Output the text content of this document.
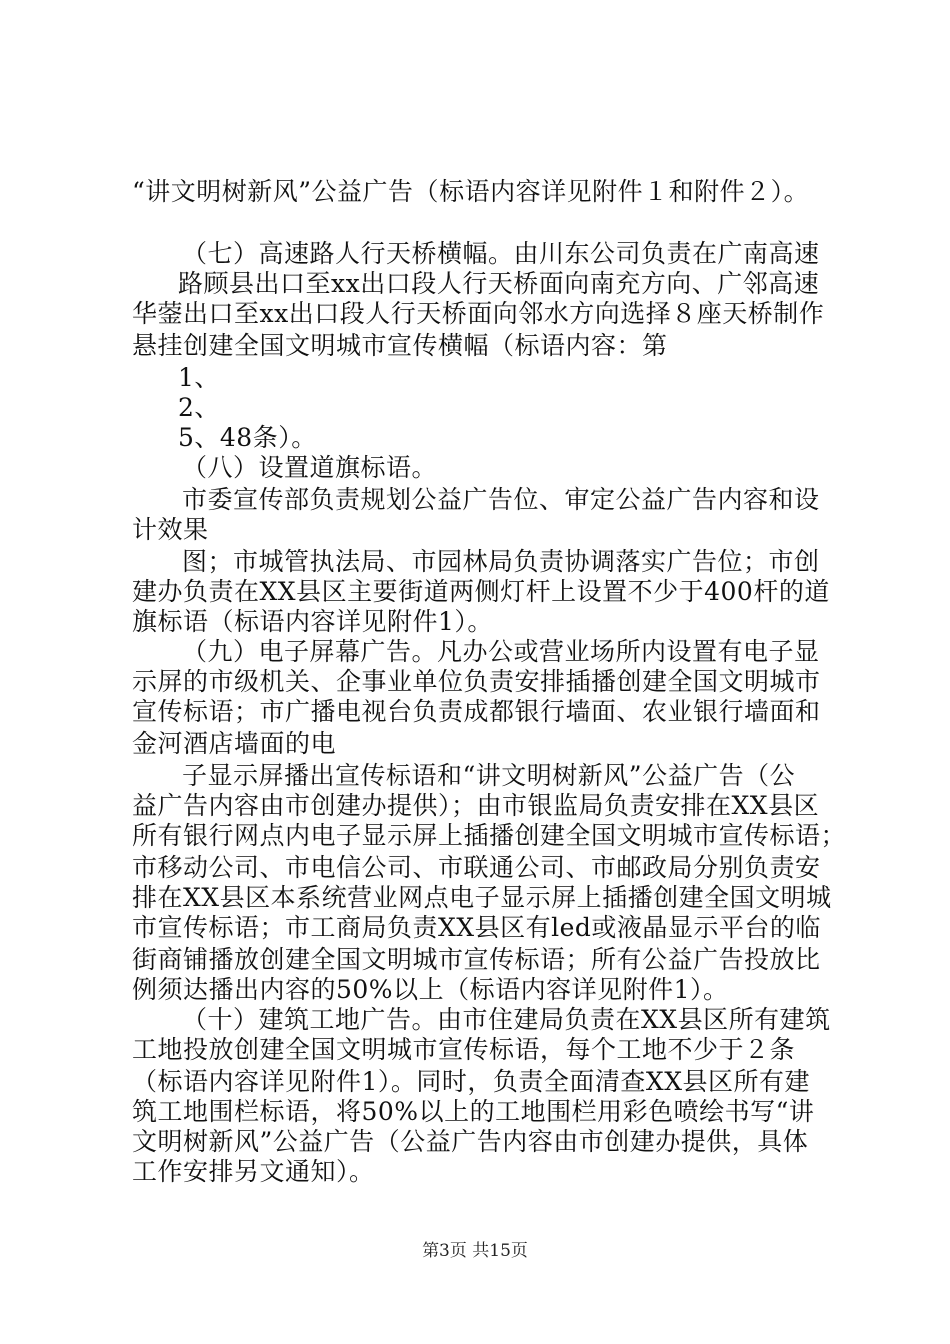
“讲文明树新风”公益广告（标语内容详见附件１和附件２）。
（七）高速路人行天桥横幅。由川东公司负责在广南高速
路顾县出口至xx出口段人行天桥面向南充方向、广邻高速
华蓥出口至xx出口段人行天桥面向邻水方向选择８座天桥制作
悬挂创建全国文明城市宣传横幅（标语内容：第
1、
2、
5、48条）。
（八）设置道旗标语。
市委宣传部负责规划公益广告位、审定公益广告内容和设
计效果
图；市城管执法局、市园林局负责协调落实广告位；市创
建办负责在XX县区主要街道两侧灯杆上设置不少于400杆的道
旗标语（标语内容详见附件1）。
（九）电子屏幕广告。凡办公或营业场所内设置有电子显
示屏的市级机关、企事业单位负责安排插播创建全国文明城市
宣传标语；市广播电视台负责成都银行墙面、农业银行墙面和
金河酒店墙面的电
子显示屏播出宣传标语和“讲文明树新风”公益广告（公
益广告内容由市创建办提供）；由市银监局负责安排在XX县区
所有银行网点内电子显示屏上插播创建全国文明城市宣传标语；
市移动公司、市电信公司、市联通公司、市邮政局分别负责安
排在XX县区本系统营业网点电子显示屏上插播创建全国文明城
市宣传标语；市工商局负责XX县区有led或液晶显示平台的临
街商铺播放创建全国文明城市宣传标语；所有公益广告投放比
例须达播出内容的50%以上（标语内容详见附件1）。
（十）建筑工地广告。由市住建局负责在XX县区所有建筑
工地投放创建全国文明城市宣传标语，每个工地不少于２条
（标语内容详见附件1）。同时，负责全面清查XX县区所有建
筑工地围栏标语，将50%以上的工地围栏用彩色喷绘书写“讲
文明树新风”公益广告（公益广告内容由市创建办提供，具体
工作安排另文通知）。
第3页 共15页
